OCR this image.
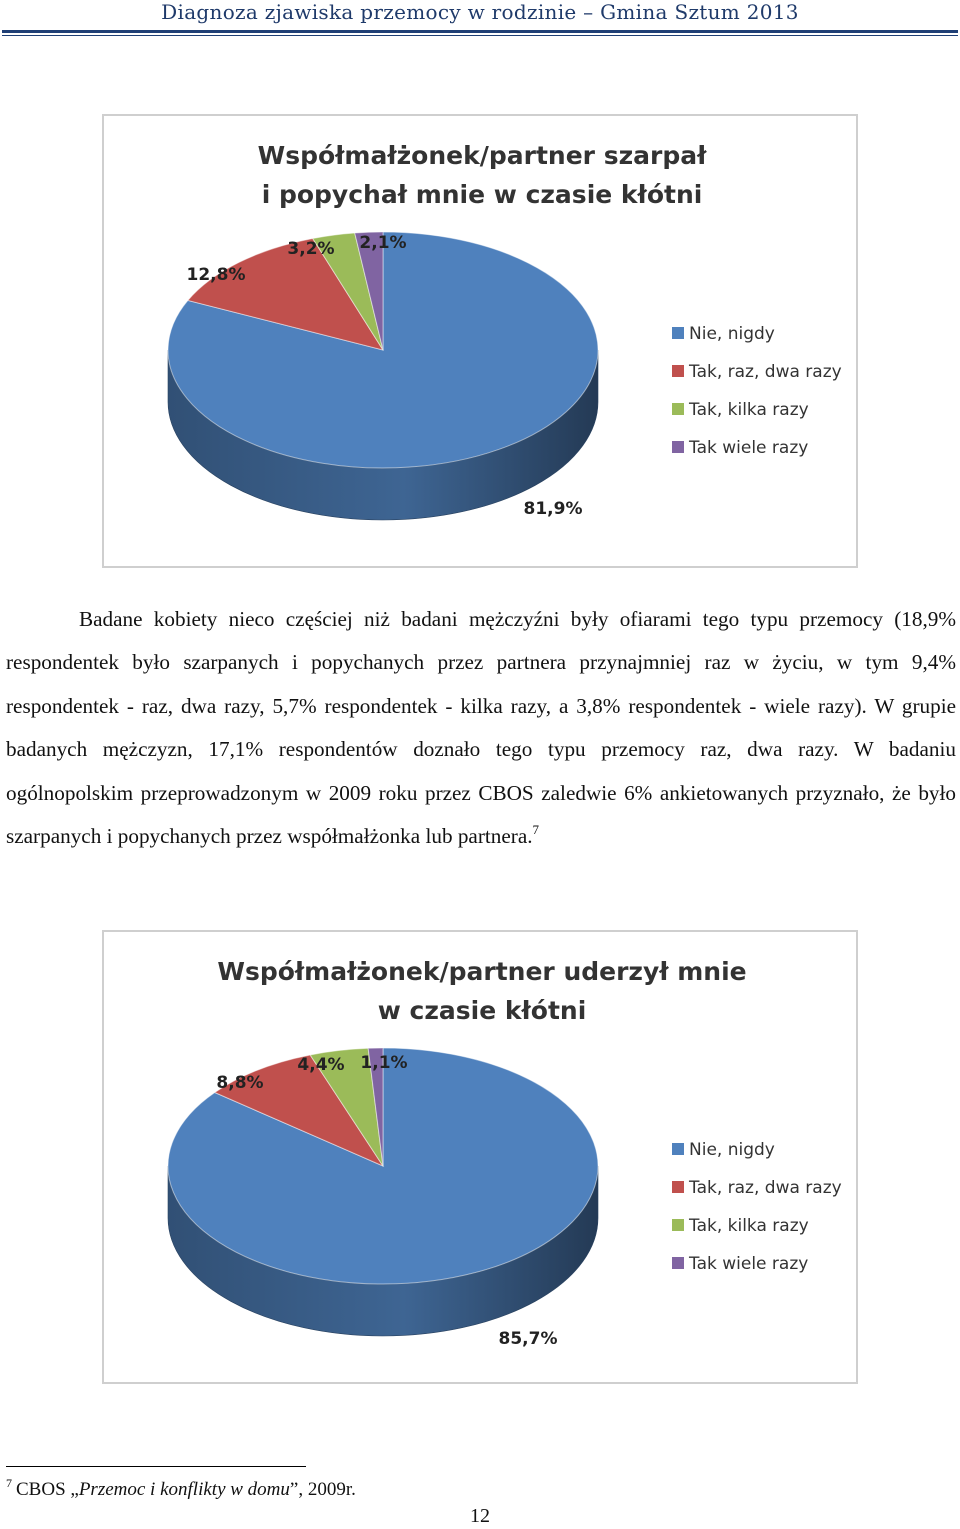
Diagnoza zjawiska przemocy w rodzinie – Gmina Sztum 2013
Współmałżonek/partner szarpał
i popychał mnie w czasie kłótni
81,9%
12,8%
3,2% 2,1%
Nie, nigdy
Tak, raz, dwa razy
Tak, kilka razy
Tak wiele razy

Badane kobiety nieco częściej niż badani mężczyźni były ofiarami tego typu przemocy (18,9% respondentek było szarpanych i popychanych przez partnera przynajmniej raz w życiu, w tym 9,4% respondentek - raz, dwa razy, 5,7% respondentek - kilka razy, a 3,8% respondentek - wiele razy). W grupie badanych mężczyzn, 17,1% respondentów doznało tego typu przemocy raz, dwa razy. W badaniu ogólnopolskim przeprowadzonym w 2009 roku przez CBOS zaledwie 6% ankietowanych przyznało, że było szarpanych i popychanych przez współmałżonka lub partnera.$^7$

Współmałżonek/partner uderzył mnie
w czasie kłótni
85,7%
8,8%
4,4% 1,1%
Nie, nigdy
Tak, raz, dwa razy
Tak, kilka razy
Tak wiele razy
$^7$ CBOS „Przemoc i konflikty w domu”, 2009r.
12
